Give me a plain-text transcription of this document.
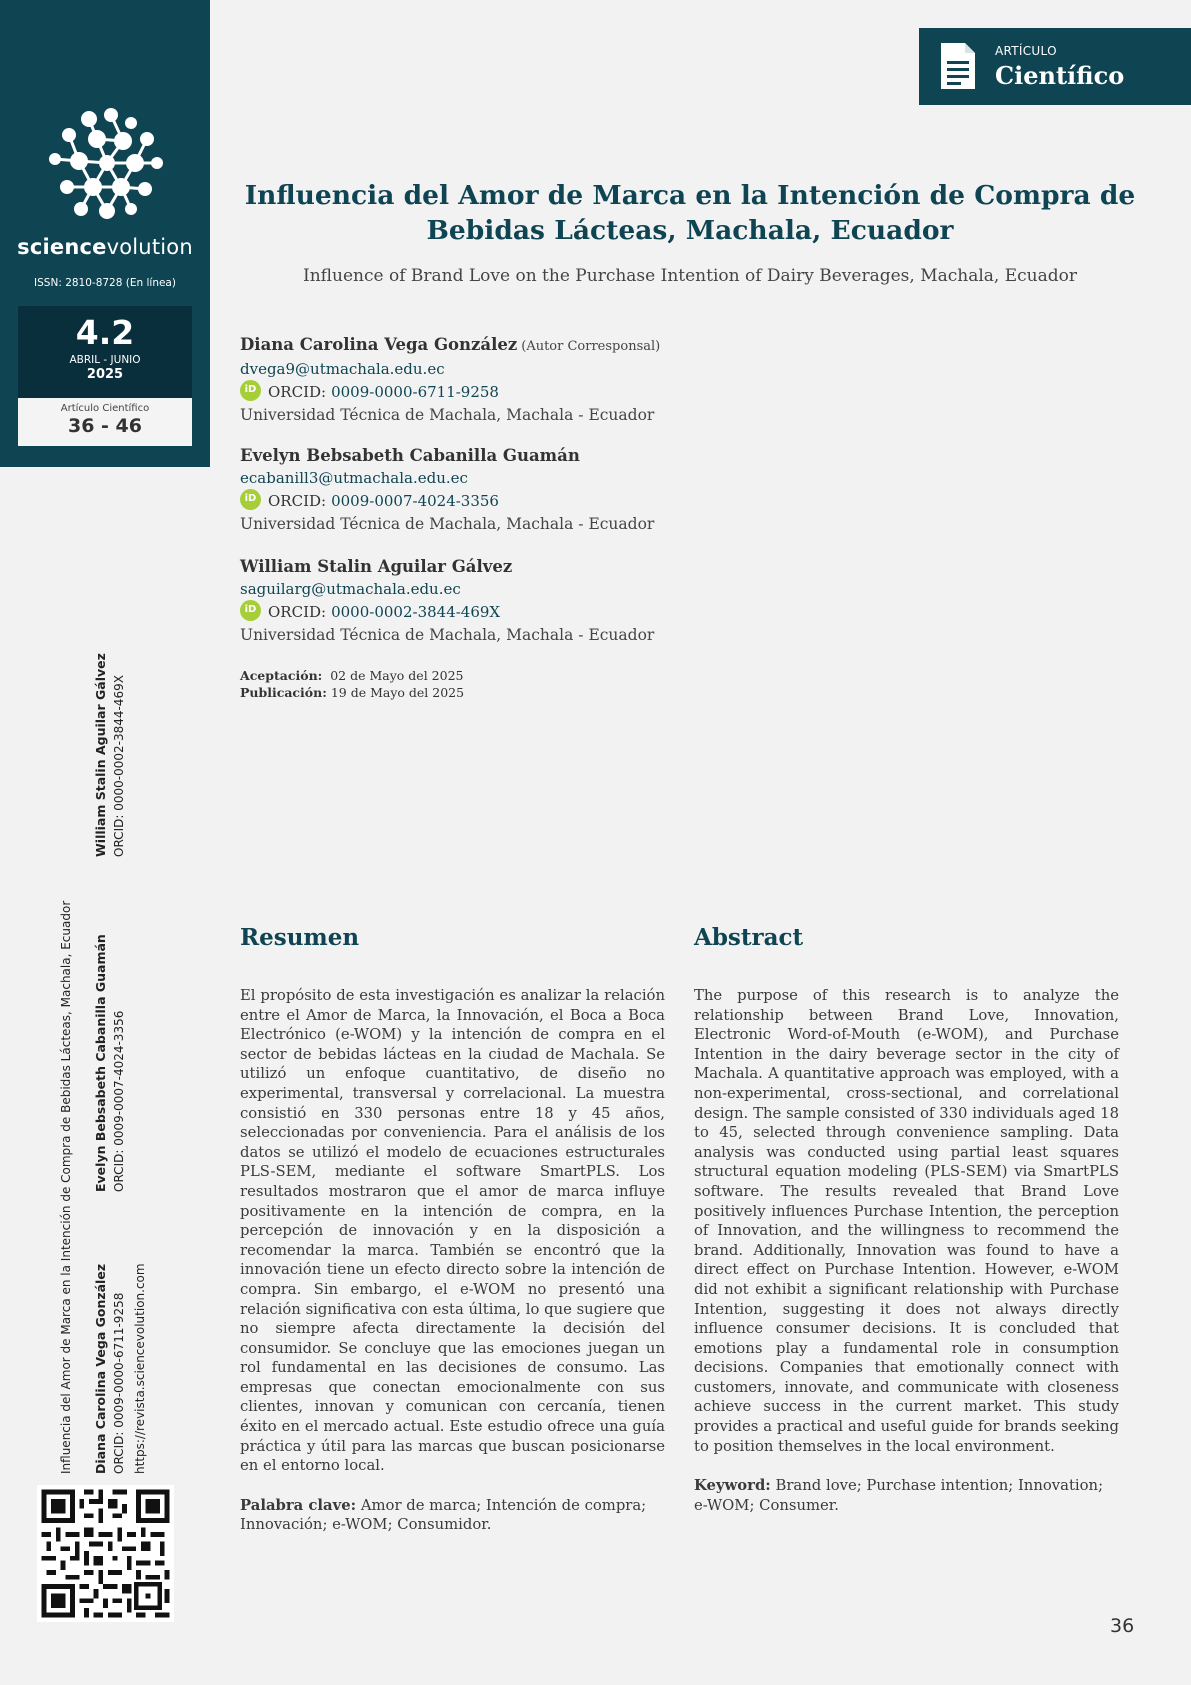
sciencevolution
ISSN: 2810-8728 (En línea)
4.2
ABRIL - JUNIO
2025
Artículo Científico
36 - 46
Influencia del Amor de Marca en la Intención de Compra de Bebidas Lácteas, Machala, Ecuador Diana Carolina Vega González ORCID: 0009-0000-6711-9258 https://revista.sciencevolution.com
Evelyn Bebsabeth Cabanilla Guamán ORCID: 0009-0007-4024-3356
William Stalin Aguilar Gálvez ORCID: 0000-0002-3844-469X
ARTÍCULO
Científico
Influencia del Amor de Marca en la Intención de Compra de Bebidas Lácteas, Machala, Ecuador
Influence of Brand Love on the Purchase Intention of Dairy Beverages, Machala, Ecuador
Diana Carolina Vega González (Autor Corresponsal)
dvega9@utmachala.edu.ec
iD ORCID: 0009-0000-6711-9258
Universidad Técnica de Machala, Machala - Ecuador
Evelyn Bebsabeth Cabanilla Guamán
ecabanill3@utmachala.edu.ec
iD ORCID: 0009-0007-4024-3356
Universidad Técnica de Machala, Machala - Ecuador
William Stalin Aguilar Gálvez
saguilarg@utmachala.edu.ec
iD ORCID: 0000-0002-3844-469X
Universidad Técnica de Machala, Machala - Ecuador
Aceptación: 02 de Mayo del 2025
Publicación: 19 de Mayo del 2025
Resumen
El propósito de esta investigación es analizar la relación entre el Amor de Marca, la Innovación, el Boca a Boca Electrónico (e-WOM) y la intención de compra en el sector de bebidas lácteas en la ciudad de Machala. Se utilizó un enfoque cuantitativo, de diseño no experimental, transversal y correlacional. La muestra consistió en 330 personas entre 18 y 45 años, seleccionadas por conveniencia. Para el análisis de los datos se utilizó el modelo de ecuaciones estructurales PLS-SEM, mediante el software SmartPLS. Los resultados mostraron que el amor de marca influye positivamente en la intención de compra, en la percepción de innovación y en la disposición a recomendar la marca. También se encontró que la innovación tiene un efecto directo sobre la intención de compra. Sin embargo, el e-WOM no presentó una relación significativa con esta última, lo que sugiere que no siempre afecta directamente la decisión del consumidor. Se concluye que las emociones juegan un rol fundamental en las decisiones de consumo. Las empresas que conectan emocionalmente con sus clientes, innovan y comunican con cercanía, tienen éxito en el mercado actual. Este estudio ofrece una guía práctica y útil para las marcas que buscan posicionarse en el entorno local.
Palabra clave: Amor de marca; Intención de compra; Innovación; e-WOM; Consumidor.
Abstract
The purpose of this research is to analyze the relationship between Brand Love, Innovation, Electronic Word-of-Mouth (e-WOM), and Purchase Intention in the dairy beverage sector in the city of Machala. A quantitative approach was employed, with a non-experimental, cross-sectional, and correlational design. The sample consisted of 330 individuals aged 18 to 45, selected through convenience sampling. Data analysis was conducted using partial least squares structural equation modeling (PLS-SEM) via SmartPLS software. The results revealed that Brand Love positively influences Purchase Intention, the perception of Innovation, and the willingness to recommend the brand. Additionally, Innovation was found to have a direct effect on Purchase Intention. However, e-WOM did not exhibit a significant relationship with Purchase Intention, suggesting it does not always directly influence consumer decisions. It is concluded that emotions play a fundamental role in consumption decisions. Companies that emotionally connect with customers, innovate, and communicate with closeness achieve success in the current market. This study provides a practical and useful guide for brands seeking to position themselves in the local environment.
Keyword: Brand love; Purchase intention; Innovation; e-WOM; Consumer.
36
